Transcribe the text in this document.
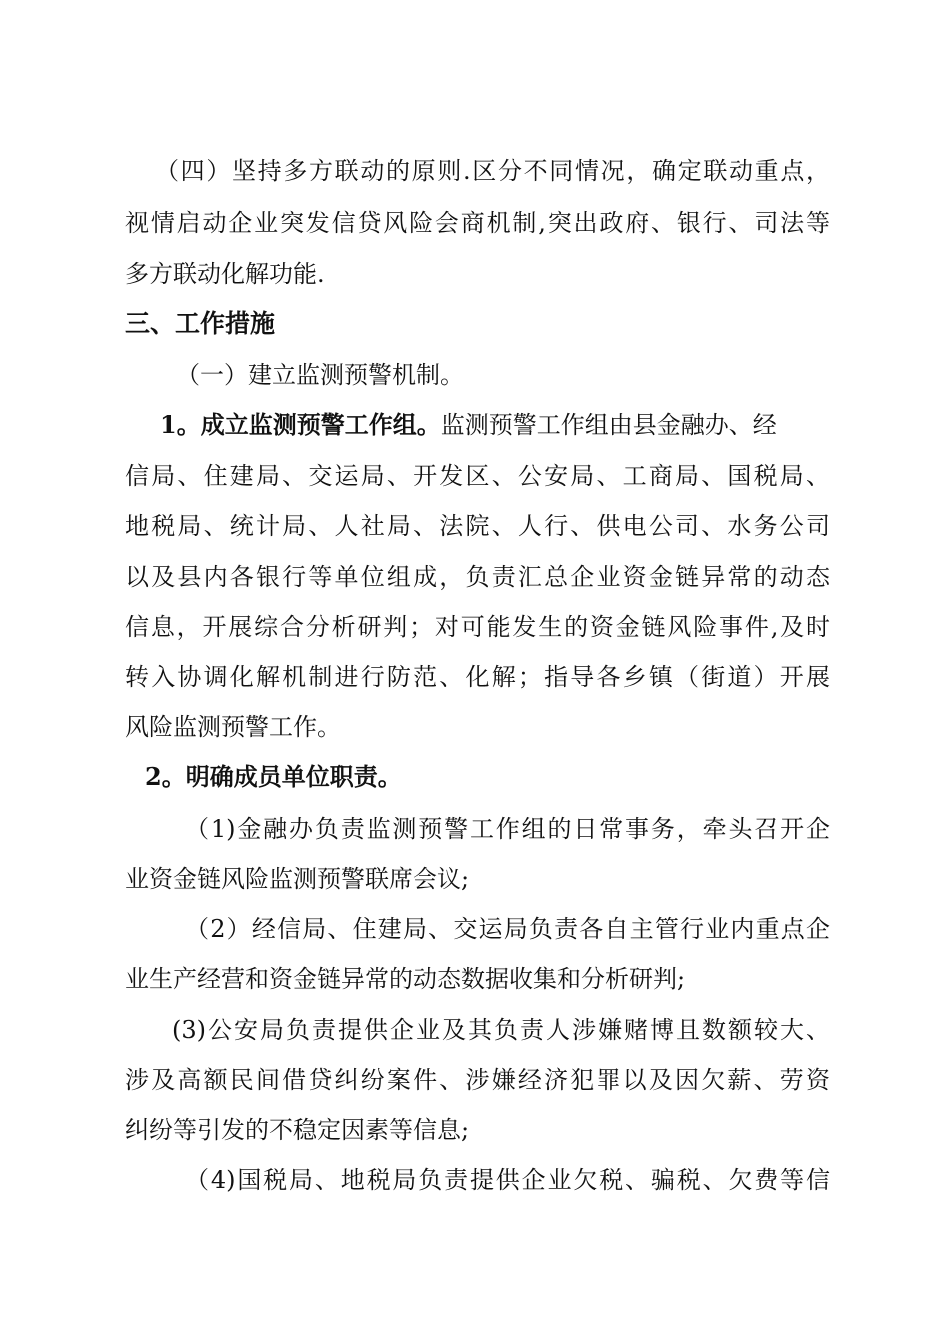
（四）坚持多方联动的原则.区分不同情况，确定联动重点，
视情启动企业突发信贷风险会商机制,突出政府、银行、司法等
多方联动化解功能.
三、工作措施
（一）建立监测预警机制。
1。成立监测预警工作组。监测预警工作组由县金融办、经
信局、住建局、交运局、开发区、公安局、工商局、国税局、
地税局、统计局、人社局、法院、人行、供电公司、水务公司
以及县内各银行等单位组成，负责汇总企业资金链异常的动态
信息，开展综合分析研判；对可能发生的资金链风险事件,及时
转入协调化解机制进行防范、化解；指导各乡镇（街道）开展
风险监测预警工作。
2。明确成员单位职责。
（1)金融办负责监测预警工作组的日常事务，牵头召开企
业资金链风险监测预警联席会议;
（2）经信局、住建局、交运局负责各自主管行业内重点企
业生产经营和资金链异常的动态数据收集和分析研判;
(3)公安局负责提供企业及其负责人涉嫌赌博且数额较大、
涉及高额民间借贷纠纷案件、涉嫌经济犯罪以及因欠薪、劳资
纠纷等引发的不稳定因素等信息;
（4)国税局、地税局负责提供企业欠税、骗税、欠费等信
